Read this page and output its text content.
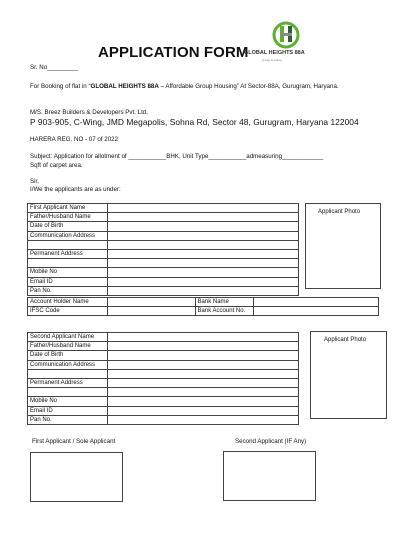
APPLICATION FORM
GLOBAL HEIGHTS 88A
A way to home
Sr. No_________
For Booking of flat in “GLOBAL HEIGHTS 88A – Affordable Group Housing” At Sector-88A, Gurugram, Haryana.
M/S. Breez Builders & Developers Pvt. Ltd.
P 903-905, C-Wing, JMD Megapolis, Sohna Rd, Sector 48, Gurugram, Haryana 122004
HARERA REG. NO - 07 of 2022
Subject: Application for allotment of ___________BHK, Unit Type___________admeasuring____________
Sqft of carpet area.
Sir,
I/We the applicants are as under:
First Applicant Name	
Father/Husband Name	
Date of Birth	
Communication Address	

Permanent Address	

Mobile No	
Email ID	
Pan No.	
Account Holder Name		Bank Name	
IFSC Code		Bank Account No.	
Applicant Photo
Second Applicant Name	
Father/Husband Name	
Date of Birth	
Communication Address	

Permanent Address	

Mobile No	
Email ID	
Pan No.	
Applicant Photo
First Applicant / Sole Applicant	Second Applicant (IF Any)
